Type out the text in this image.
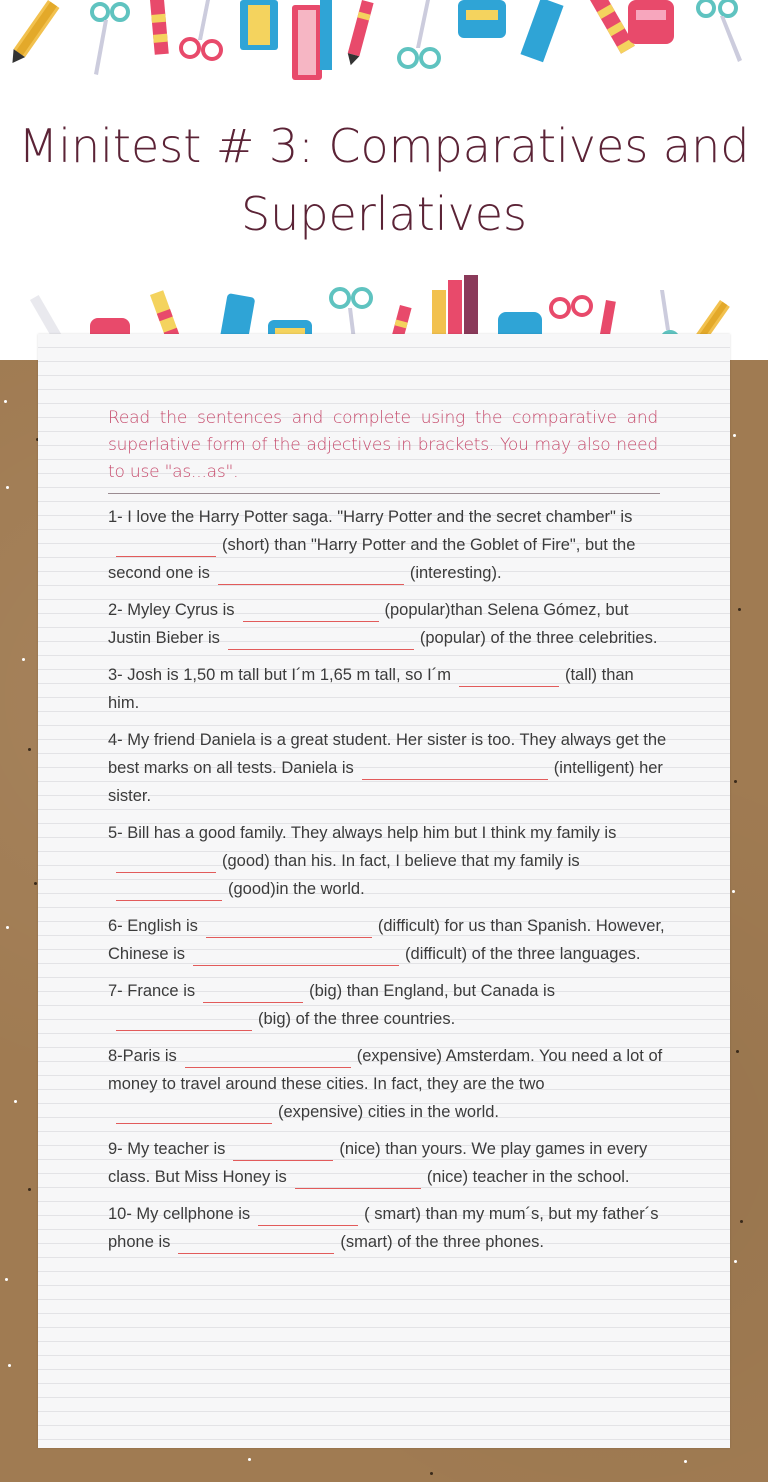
Minitest # 3: Comparatives and Superlatives
Read the sentences and complete using the comparative and superlative form of the adjectives in brackets. You may also need to use "as...as".

1- I love the Harry Potter saga. "Harry Potter and the secret chamber" is(short) than "Harry Potter and the Goblet of Fire", but the second one is	(interesting).

2- Myley Cyrus is	(popular)than Selena Gómez, but Justin Bieber is	(popular) of the three celebrities.

3- Josh is 1,50 m tall but I´m 1,65 m tall, so I´m	(tall) than him.

4- My friend Daniela is a great student. Her sister is too. They always get the best marks on all tests. Daniela is	(intelligent) her sister.

5- Bill has a good family. They always help him but I think my family is(good) than his. In fact, I believe that my family is(good)in the world.

6- English is	(difficult) for us than Spanish. However, Chinese is	(difficult) of the three languages.

7- France is	(big) than England, but Canada is(big) of the three countries.

8-Paris is	(expensive) Amsterdam. You need a lot of money to travel around these cities. In fact, they are the two(expensive) cities in the world.

9- My teacher is	(nice) than yours. We play games in every class. But Miss Honey is	(nice) teacher in the school.

10- My cellphone is	( smart) than my mum´s, but my father´s phone is	(smart) of the three phones.
